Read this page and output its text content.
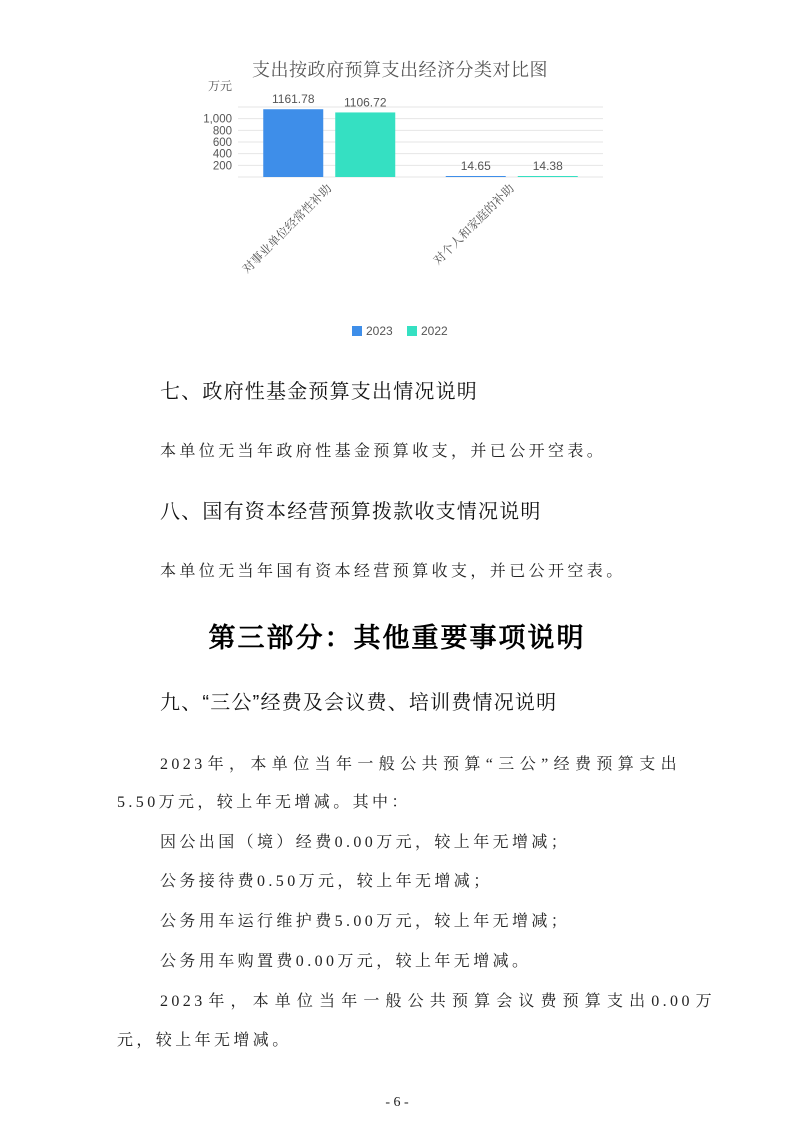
支出按政府预算支出经济分类对比图
万元
200
400
600
800
1,000
1161.78 1106.72
对事业单位经常性补助
14.65	14.38
对个人和家庭的补助
2023 2022
七、政府性基金预算支出情况说明
本单位无当年政府性基金预算收支，并已公开空表。
八、国有资本经营预算拨款收支情况说明
本单位无当年国有资本经营预算收支，并已公开空表。
第三部分：其他重要事项说明
九、“三公”经费及会议费、培训费情况说明
2023年，本单位当年一般公共预算“三公”经费预算支出
5.50万元，较上年无增减。其中：
因公出国（境）经费0.00万元，较上年无增减；
公务接待费0.50万元，较上年无增减；
公务用车运行维护费5.00万元，较上年无增减；
公务用车购置费0.00万元，较上年无增减。
2023年，本单位当年一般公共预算会议费预算支出0.00万
元，较上年无增减。
- 6 -
